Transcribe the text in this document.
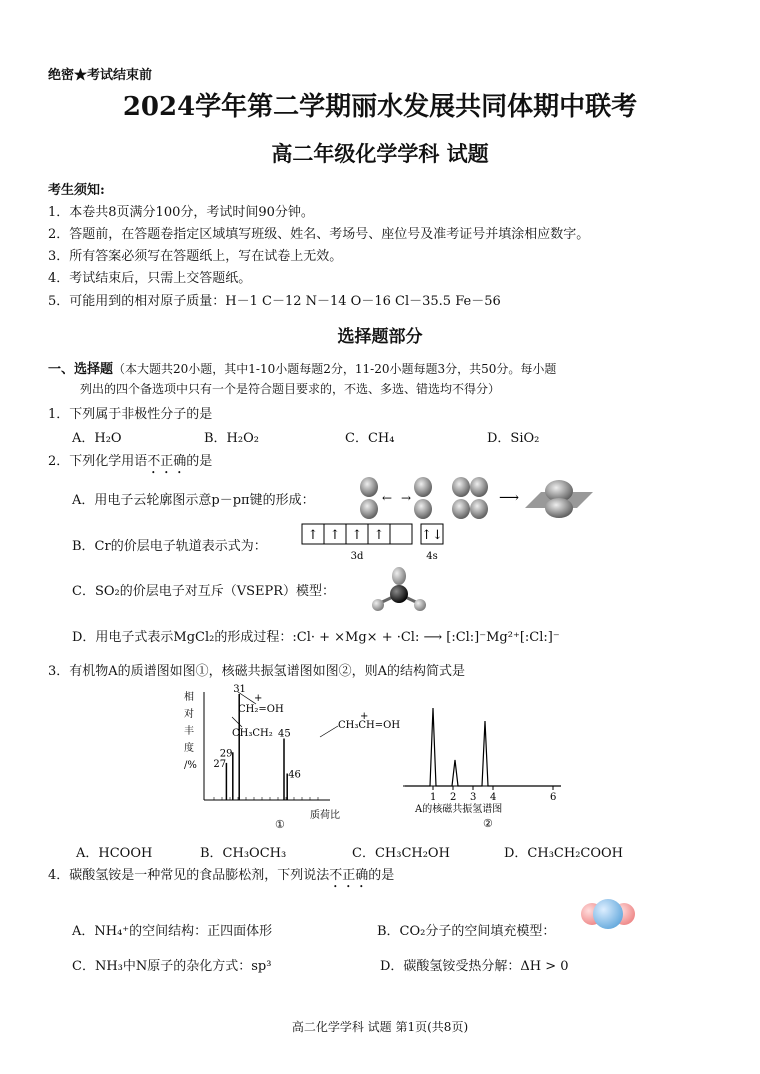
绝密★考试结束前
2024学年第二学期丽水发展共同体期中联考
高二年级化学学科 试题
考生须知:
1．本卷共8页满分100分，考试时间90分钟。
2．答题前，在答题卷指定区域填写班级、姓名、考场号、座位号及准考证号并填涂相应数字。
3．所有答案必须写在答题纸上，写在试卷上无效。
4．考试结束后，只需上交答题纸。
5．可能用到的相对原子质量：H－1 C－12 N－14 O－16 Cl－35.5 Fe－56
选择题部分
一、选择题（本大题共20小题，其中1-10小题每题2分，11-20小题每题3分，共50分。每小题
列出的四个备选项中只有一个是符合题目要求的，不选、多选、错选均不得分）
1．下列属于非极性分子的是
A．H₂O	B．H₂O₂	C．CH₄	D．SiO₂
2．下列化学用语不正确的是
A．用电子云轮廓图示意p－pπ键的形成：	← →	⟶
B．Cr的价层电子轨道表示式为：
↑ ↑ ↑ ↑	↑↓
3d	4s
C．SO₂的价层电子对互斥（VSEPR）模型：
D．用电子式表示MgCl₂的形成过程：:Cl· + ×Mg× + ·Cl: ⟶ [:Cl:]⁻Mg²⁺[:Cl:]⁻
3．有机物A的质谱图如图①，核磁共振氢谱图如图②，则A的结构简式是
相
对
丰
度
/% 27
29
31
45
46
CH₂=OH
CH₃CH₂
CH₃CH=OH
+
+
质荷比
①
1 2 3 4	6
A的核磁共振氢谱图
②
A．HCOOH	B．CH₃OCH₃	C．CH₃CH₂OH	D．CH₃CH₂COOH
4．碳酸氢铵是一种常见的食品膨松剂，下列说法不正确的是
A．NH₄⁺的空间结构：正四面体形	B．CO₂分子的空间填充模型：
C．NH₃中N原子的杂化方式：sp³	D．碳酸氢铵受热分解：ΔH > 0
高二化学学科 试题 第1页(共8页)
